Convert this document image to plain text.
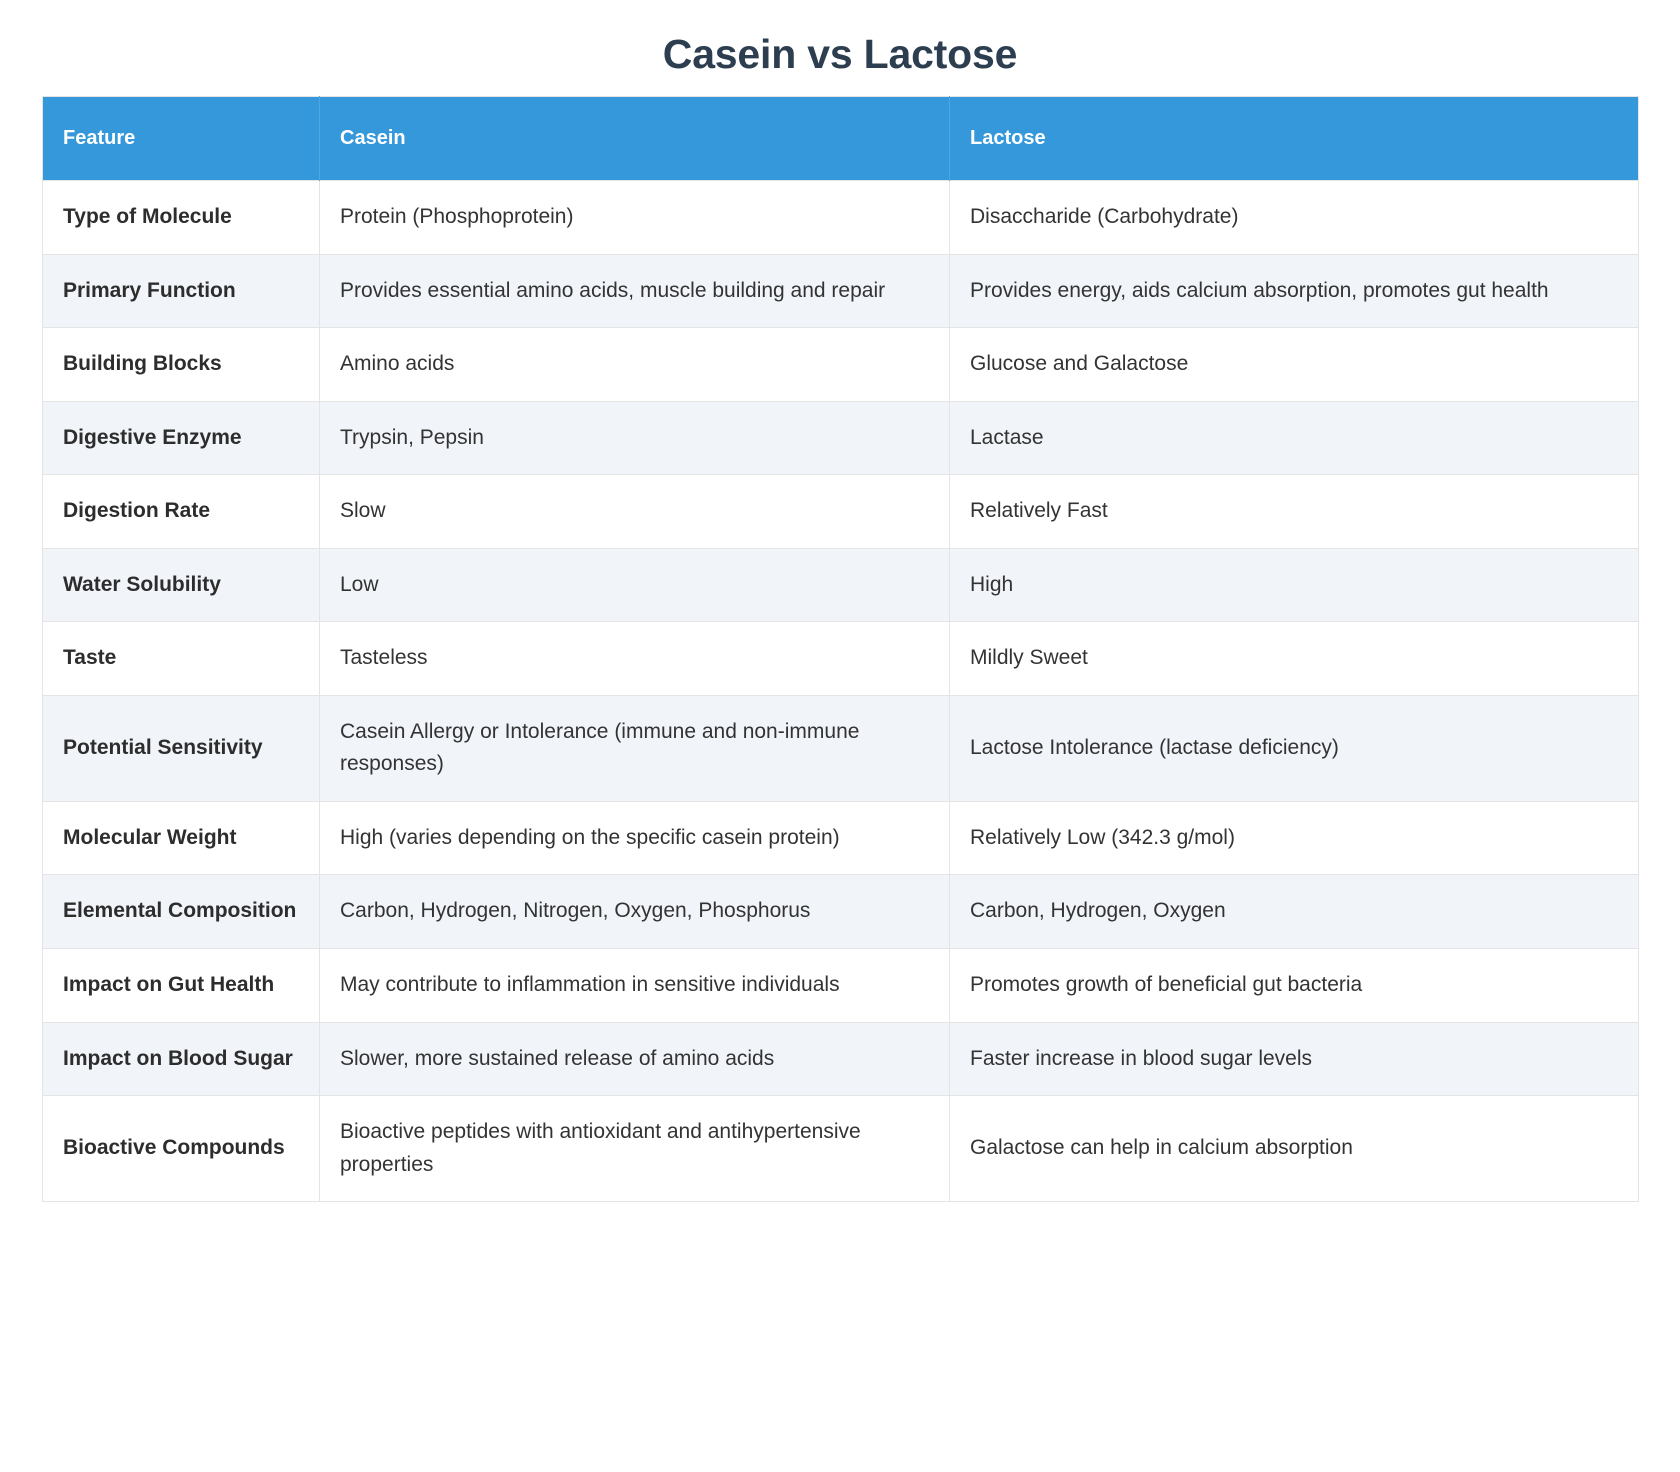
Casein vs Lactose
Feature	Casein	Lactose
Type of Molecule	Protein (Phosphoprotein)	Disaccharide (Carbohydrate)
Primary Function	Provides essential amino acids, muscle building and repair	Provides energy, aids calcium absorption, promotes gut health
Building Blocks	Amino acids	Glucose and Galactose
Digestive Enzyme	Trypsin, Pepsin	Lactase
Digestion Rate	Slow	Relatively Fast
Water Solubility	Low	High
Taste	Tasteless	Mildly Sweet
Potential Sensitivity	Casein Allergy or Intolerance (immune and non-immune responses)	Lactose Intolerance (lactase deficiency)
Molecular Weight	High (varies depending on the specific casein protein)	Relatively Low (342.3 g/mol)
Elemental Composition	Carbon, Hydrogen, Nitrogen, Oxygen, Phosphorus	Carbon, Hydrogen, Oxygen
Impact on Gut Health	May contribute to inflammation in sensitive individuals	Promotes growth of beneficial gut bacteria
Impact on Blood Sugar	Slower, more sustained release of amino acids	Faster increase in blood sugar levels
Bioactive Compounds	Bioactive peptides with antioxidant and antihypertensive properties	Galactose can help in calcium absorption
